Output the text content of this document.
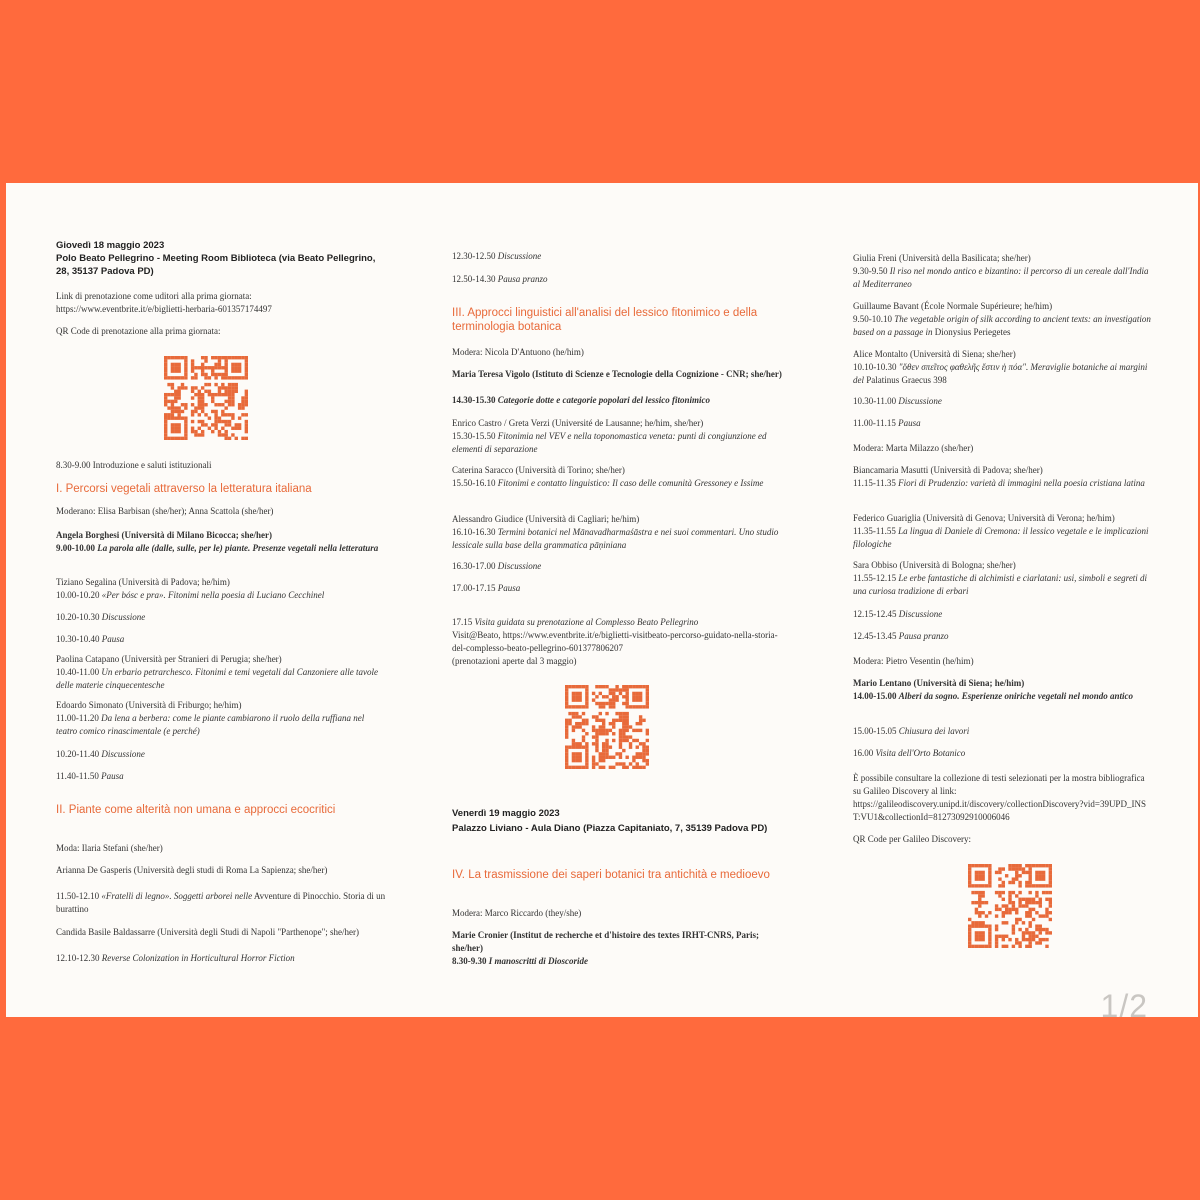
Giovedì 18 maggio 2023
Polo Beato Pellegrino - Meeting Room Biblioteca (via Beato Pellegrino, 28, 35137 Padova PD)
Link di prenotazione come uditori alla prima giornata:
https://www.eventbrite.it/e/biglietti-herbaria-601357174497
QR Code di prenotazione alla prima giornata:
8.30-9.00 Introduzione e saluti istituzionali
I. Percorsi vegetali attraverso la letteratura italiana
Moderano: Elisa Barbisan (she/her); Anna Scattola (she/her)
Angela Borghesi (Università di Milano Bicocca; she/her)
9.00-10.00 La parola alle (dalle, sulle, per le) piante. Presenze vegetali nella letteratura
Tiziano Segalina (Università di Padova; he/him)
10.00-10.20 «Per bósc e pra». Fitonimi nella poesia di Luciano Cecchinel
10.20-10.30 Discussione
10.30-10.40 Pausa
Paolina Catapano (Università per Stranieri di Perugia; she/her)
10.40-11.00 Un erbario petrarchesco. Fitonimi e temi vegetali dal Canzoniere alle tavole delle materie cinquecentesche
Edoardo Simonato (Università di Friburgo; he/him)
11.00-11.20 Da lena a berbera: come le piante cambiarono il ruolo della ruffiana nel teatro comico rinascimentale (e perché)
10.20-11.40 Discussione
11.40-11.50 Pausa
II. Piante come alterità non umana e approcci ecocritici
Moda: Ilaria Stefani (she/her)
Arianna De Gasperis (Università degli studi di Roma La Sapienza; she/her)
11.50-12.10 «Fratelli di legno». Soggetti arborei nelle Avventure di Pinocchio. Storia di un burattino
Candida Basile Baldassarre (Università degli Studi di Napoli "Parthenope"; she/her)
12.10-12.30 Reverse Colonization in Horticultural Horror Fiction
12.30-12.50 Discussione
12.50-14.30 Pausa pranzo
III. Approcci linguistici all'analisi del lessico fitonimico e della terminologia botanica
Modera: Nicola D'Antuono (he/him)
Maria Teresa Vigolo (Istituto di Scienze e Tecnologie della Cognizione - CNR; she/her)
14.30-15.30 Categorie dotte e categorie popolari del lessico fitonimico
Enrico Castro / Greta Verzi (Université de Lausanne; he/him, she/her)
15.30-15.50 Fitonimia nel VEV e nella toponomastica veneta: punti di congiunzione ed elementi di separazione
Caterina Saracco (Università di Torino; she/her)
15.50-16.10 Fitonimi e contatto linguistico: Il caso delle comunità Gressoney e Issime
Alessandro Giudice (Università di Cagliari; he/him)
16.10-16.30 Termini botanici nel Mānavadharmaśāstra e nei suoi commentari. Uno studio lessicale sulla base della grammatica pāṇiniana
16.30-17.00 Discussione
17.00-17.15 Pausa
17.15 Visita guidata su prenotazione al Complesso Beato Pellegrino
Visit@Beato, https://www.eventbrite.it/e/biglietti-visitbeato-percorso-guidato-nella-storia-del-complesso-beato-pellegrino-601377806207
(prenotazioni aperte dal 3 maggio)
Venerdì 19 maggio 2023
Palazzo Liviano - Aula Diano (Piazza Capitaniato, 7, 35139 Padova PD)
IV. La trasmissione dei saperi botanici tra antichità e medioevo
Modera: Marco Riccardo (they/she)
Marie Cronier (Institut de recherche et d'histoire des textes IRHT-CNRS, Paris; she/her)
8.30-9.30 I manoscritti di Dioscoride
Giulia Freni (Università della Basilicata; she/her)
9.30-9.50 Il riso nel mondo antico e bizantino: il percorso di un cereale dall'India al Mediterraneo
Guillaume Bavant (École Normale Supérieure; he/him)
9.50-10.10 The vegetable origin of silk according to ancient texts: an investigation based on a passage in Dionysius Periegetes
Alice Montalto (Università di Siena; she/her)
10.10-10.30 "ὄθεν σπεῖτος φαθελῆς ἔστιν ἡ πόα". Meraviglie botaniche ai margini del Palatinus Graecus 398
10.30-11.00 Discussione
11.00-11.15 Pausa
Modera: Marta Milazzo (she/her)
Biancamaria Masutti (Università di Padova; she/her)
11.15-11.35 Fiori di Prudenzio: varietà di immagini nella poesia cristiana latina
Federico Guariglia (Università di Genova; Università di Verona; he/him)
11.35-11.55 La lingua di Daniele di Cremona: il lessico vegetale e le implicazioni filologiche
Sara Obbiso (Università di Bologna; she/her)
11.55-12.15 Le erbe fantastiche di alchimisti e ciarlatani: usi, simboli e segreti di una curiosa tradizione di erbari
12.15-12.45 Discussione
12.45-13.45 Pausa pranzo
Modera: Pietro Vesentin (he/him)
Mario Lentano (Università di Siena; he/him)
14.00-15.00 Alberi da sogno. Esperienze oniriche vegetali nel mondo antico
15.00-15.05 Chiusura dei lavori
16.00 Visita dell'Orto Botanico
È possibile consultare la collezione di testi selezionati per la mostra bibliografica su Galileo Discovery al link:
https://galileodiscovery.unipd.it/discovery/collectionDiscovery?vid=39UPD_INST:VU1&collectionId=81273092910006046
QR Code per Galileo Discovery:
1/2
